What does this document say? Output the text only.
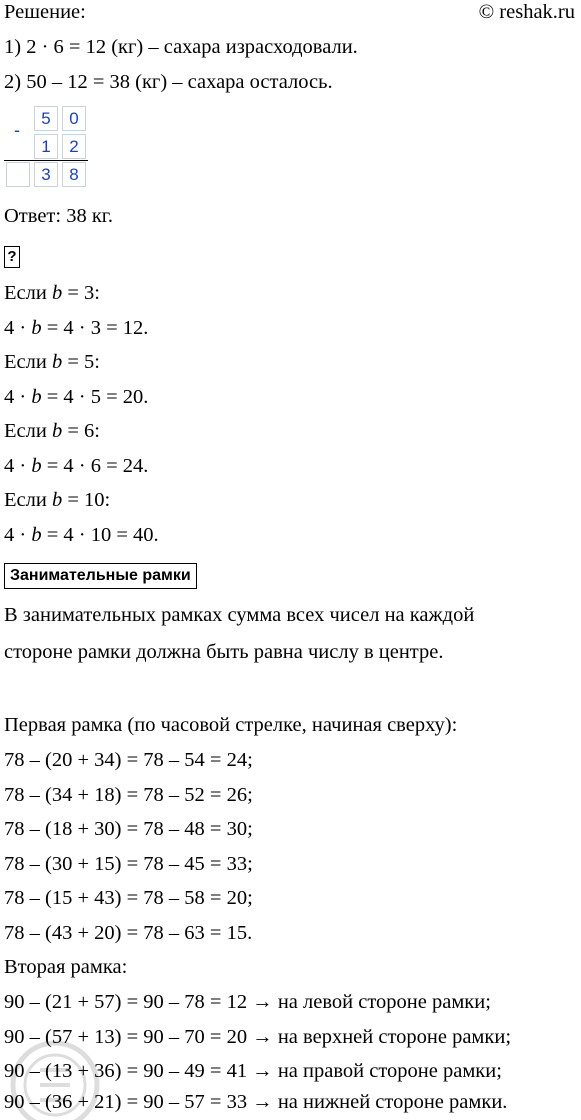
Решение:	© reshak.ru
1) 2 · 6 = 12 (кг) – сахара израсходовали.
2) 50 – 12 = 38 (кг) – сахара осталось.
-
5	0
1	2
3	8
Ответ: 38 кг.
?
Если b = 3:
4 · b = 4 · 3 = 12.
Если b = 5:
4 · b = 4 · 5 = 20.
Если b = 6:
4 · b = 4 · 6 = 24.
Если b = 10:
4 · b = 4 · 10 = 40.
Занимательные рамки
В занимательных рамках сумма всех чисел на каждой
стороне рамки должна быть равна числу в центре.
Первая рамка (по часовой стрелке, начиная сверху):
78 – (20 + 34) = 78 – 54 = 24;
78 – (34 + 18) = 78 – 52 = 26;
78 – (18 + 30) = 78 – 48 = 30;
78 – (30 + 15) = 78 – 45 = 33;
78 – (15 + 43) = 78 – 58 = 20;
78 – (43 + 20) = 78 – 63 = 15.
Вторая рамка:
90 – (21 + 57) = 90 – 78 = 12 → на левой стороне рамки;
90 – (57 + 13) = 90 – 70 = 20 → на верхней стороне рамки;
90 – (13 + 36) = 90 – 49 = 41 → на правой стороне рамки;
90 – (36 + 21) = 90 – 57 = 33 → на нижней стороне рамки.
